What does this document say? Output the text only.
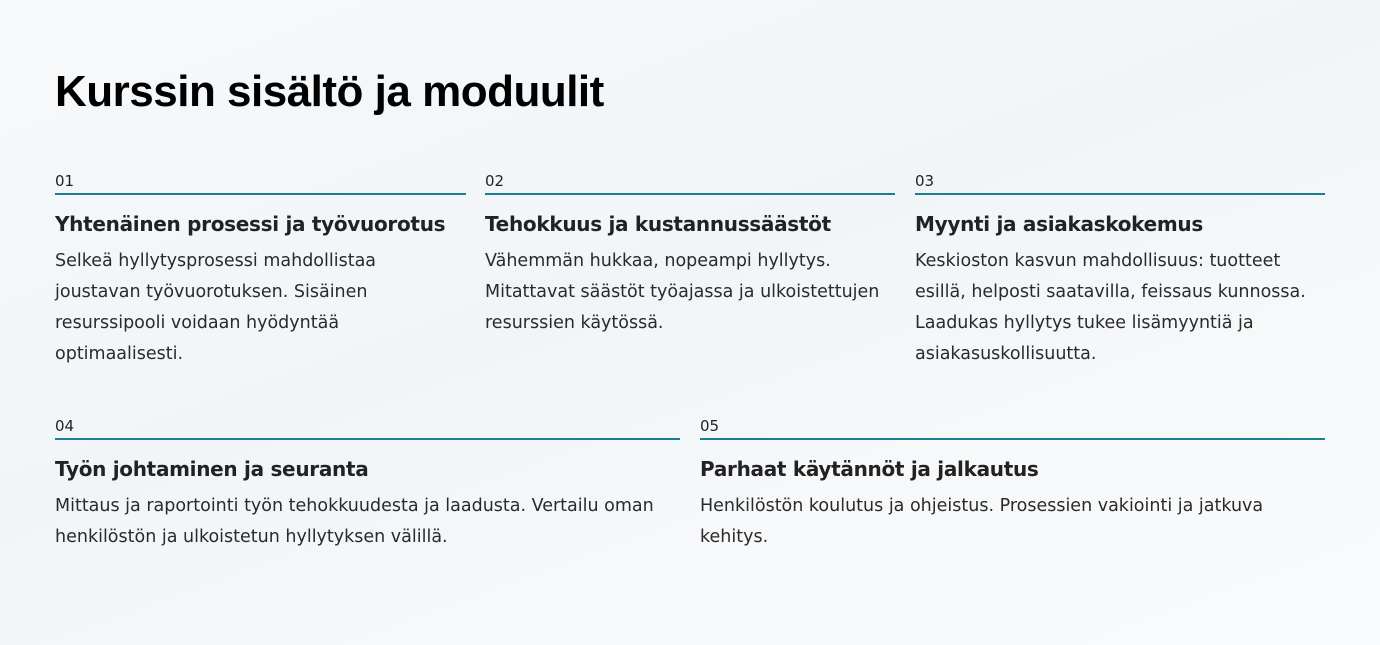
Kurssin sisältö ja moduulit
01
Yhtenäinen prosessi ja työvuorotus

Selkeä hyllytysprosessi mahdollistaa joustavan työvuorotuksen. Sisäinen resurssipooli voidaan hyödyntää optimaalisesti.

02
Tehokkuus ja kustannussäästöt

Vähemmän hukkaa, nopeampi hyllytys. Mitattavat säästöt työajassa ja ulkoistettujen resurssien käytössä.

03
Myynti ja asiakaskokemus

Keskioston kasvun mahdollisuus: tuotteet esillä, helposti saatavilla, feissaus kunnossa. Laadukas hyllytys tukee lisämyyntiä ja asiakasuskollisuutta.

04
Työn johtaminen ja seuranta

Mittaus ja raportointi työn tehokkuudesta ja laadusta. Vertailu oman henkilöstön ja ulkoistetun hyllytyksen välillä.

05
Parhaat käytännöt ja jalkautus

Henkilöstön koulutus ja ohjeistus. Prosessien vakiointi ja jatkuva kehitys.
